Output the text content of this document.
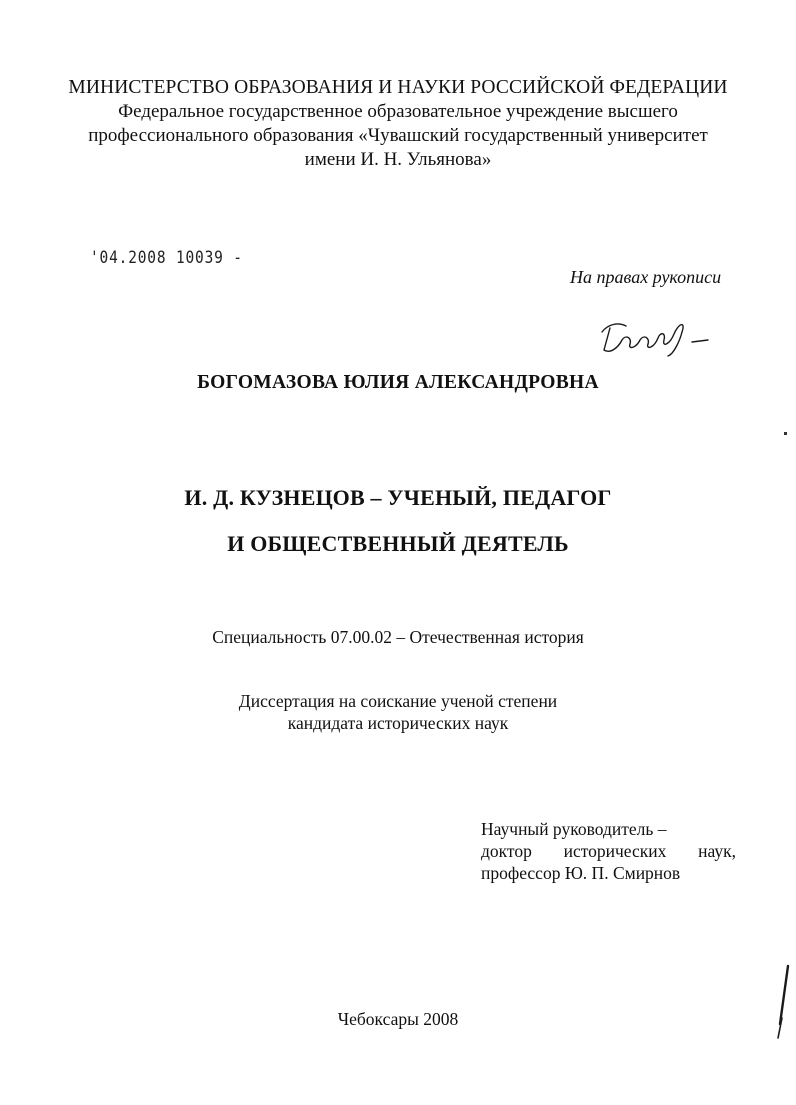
МИНИСТЕРСТВО ОБРАЗОВАНИЯ И НАУКИ РОССИЙСКОЙ ФЕДЕРАЦИИ
Федеральное государственное образовательное учреждение высшего
профессионального образования «Чувашский государственный университет
имени И. Н. Ульянова»
'04.2008 10039 -
На правах рукописи
БОГОМАЗОВА ЮЛИЯ АЛЕКСАНДРОВНА
И. Д. КУЗНЕЦОВ – УЧЕНЫЙ, ПЕДАГОГ
И ОБЩЕСТВЕННЫЙ ДЕЯТЕЛЬ
Специальность 07.00.02 – Отечественная история
Диссертация на соискание ученой степени
кандидата исторических наук
Научный руководитель –
доктор исторических наук,
профессор Ю. П. Смирнов
Чебоксары 2008
